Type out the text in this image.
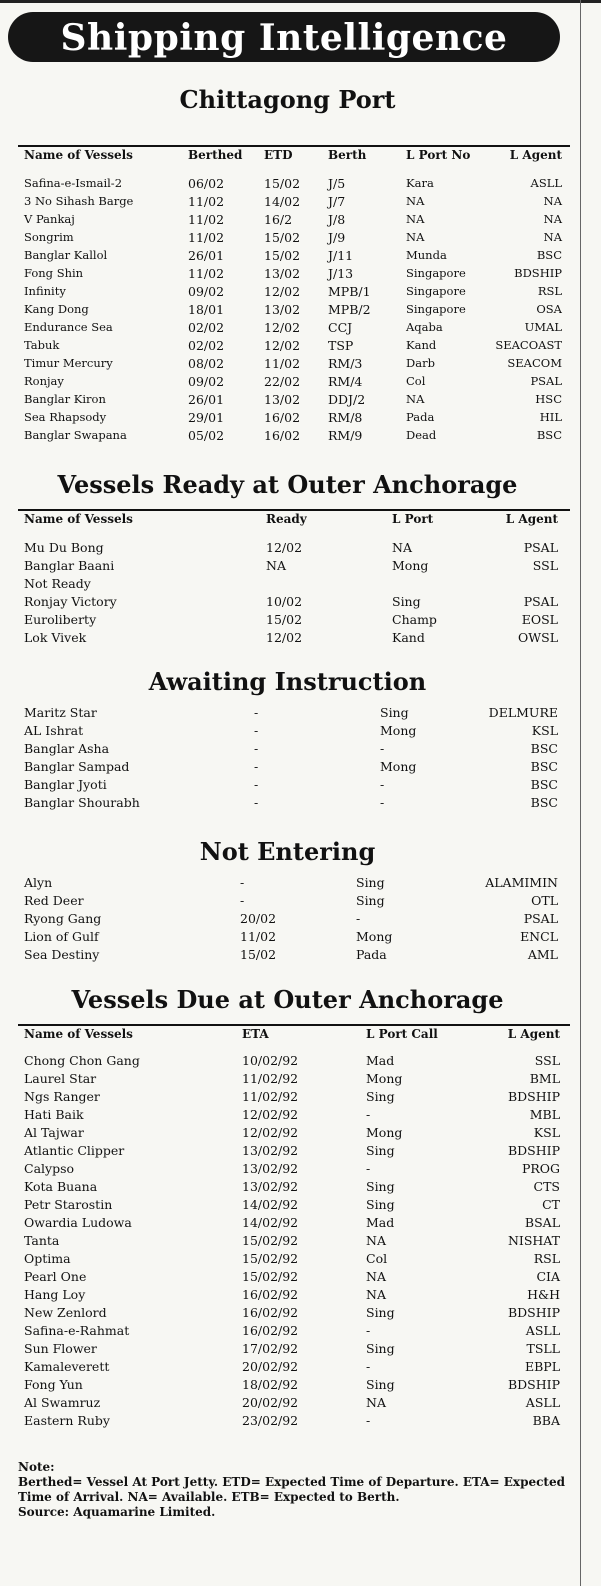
Shipping Intelligence
Chittagong Port
Name of Vessels	Berthed ETD	Berth	L Port No	L Agent
Safina-e-Ismail-2	06/02	15/02 J/5	Kara	ASLL
3 No Sihash Barge	11/02	14/02 J/7	NA	NA
V Pankaj	11/02	16/2	J/8	NA	NA
Songrim	11/02	15/02 J/9	NA	NA
Banglar Kallol	26/01	15/02 J/11	Munda	BSC
Fong Shin	11/02	13/02 J/13	Singapore	BDSHIP
Infinity	09/02	12/02 MPB/1	Singapore	RSL
Kang Dong	18/01	13/02 MPB/2	Singapore	OSA
Endurance Sea	02/02	12/02 CCJ	Aqaba	UMAL
Tabuk	02/02	12/02 TSP	Kand	SEACOAST
Timur Mercury	08/02	11/02 RM/3	Darb	SEACOM
Ronjay	09/02	22/02 RM/4	Col	PSAL
Banglar Kiron	26/01	13/02 DDJ/2	NA	HSC
Sea Rhapsody	29/01	16/02 RM/8	Pada	HIL
Banglar Swapana	05/02	16/02 RM/9	Dead	BSC
Vessels Ready at Outer Anchorage
Name of Vessels	Ready	L Port	L Agent
Mu Du Bong	12/02	NA	PSAL
Banglar Baani	NA	Mong	SSL
Not Ready
Ronjay Victory	10/02	Sing	PSAL
Euroliberty	15/02	Champ	EOSL
Lok Vivek	12/02	Kand	OWSL
Awaiting Instruction
Maritz Star	-	Sing	DELMURE
AL Ishrat	-	Mong	KSL
Banglar Asha	-	-	BSC
Banglar Sampad	-	Mong	BSC
Banglar Jyoti	-	-	BSC
Banglar Shourabh	-	-	BSC
Not Entering
Alyn	-	Sing	ALAMIMIN
Red Deer	-	Sing	OTL
Ryong Gang	20/02	-	PSAL
Lion of Gulf	11/02	Mong	ENCL
Sea Destiny	15/02	Pada	AML
Vessels Due at Outer Anchorage
Name of Vessels	ETA	L Port Call	L Agent
Chong Chon Gang	10/02/92	Mad	SSL
Laurel Star	11/02/92	Mong	BML
Ngs Ranger	11/02/92	Sing	BDSHIP
Hati Baik	12/02/92	-	MBL
Al Tajwar	12/02/92	Mong	KSL
Atlantic Clipper	13/02/92	Sing	BDSHIP
Calypso	13/02/92	-	PROG
Kota Buana	13/02/92	Sing	CTS
Petr Starostin	14/02/92	Sing	CT
Owardia Ludowa	14/02/92	Mad	BSAL
Tanta	15/02/92	NA	NISHAT
Optima	15/02/92	Col	RSL
Pearl One	15/02/92	NA	CIA
Hang Loy	16/02/92	NA	H&H
New Zenlord	16/02/92	Sing	BDSHIP
Safina-e-Rahmat	16/02/92	-	ASLL
Sun Flower	17/02/92	Sing	TSLL
Kamaleverett	20/02/92	-	EBPL
Fong Yun	18/02/92	Sing	BDSHIP
Al Swamruz	20/02/92	NA	ASLL
Eastern Ruby	23/02/92	-	BBA
Note:
Berthed= Vessel At Port Jetty. ETD= Expected Time of Departure. ETA= Expected Time of Arrival. NA= Available. ETB= Expected to Berth.
Source: Aquamarine Limited.
